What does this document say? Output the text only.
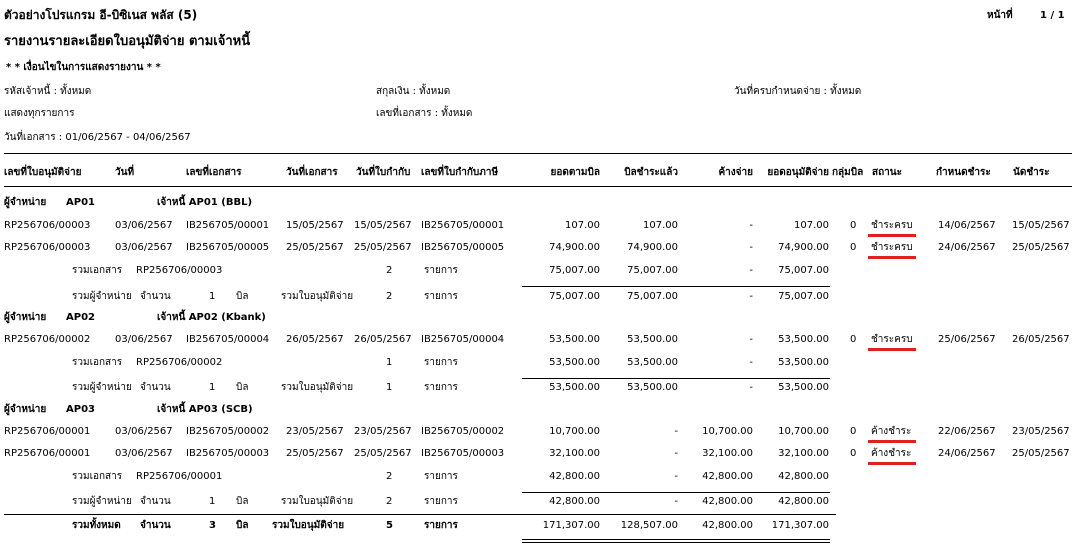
ตัวอย่างโปรแกรม อี-บิซิเนส พลัส (5)	หน้าที่	1 / 1
รายงานรายละเอียดใบอนุมัติจ่าย ตามเจ้าหนี้
* * เงื่อนไขในการแสดงรายงาน * *
รหัสเจ้าหนี้ : ทั้งหมด	สกุลเงิน : ทั้งหมด	วันที่ครบกำหนดจ่าย : ทั้งหมด
แสดงทุกรายการ	เลขที่เอกสาร : ทั้งหมด
วันที่เอกสาร : 01/06/2567 - 04/06/2567
เลขที่ใบอนุมัติจ่าย	วันที่	เลขที่เอกสาร	วันที่เอกสาร วันที่ใบกำกับ เลขที่ใบกำกับภาษี	ยอดตามบิล	บิลชำระแล้ว	ค้างจ่าย	ยอดอนุมัติจ่าย กลุ่มบิล สถานะ	กำหนดชำระ นัดชำระ
ผู้จำหน่าย AP01	เจ้าหนี้ AP01 (BBL)
RP256706/00003 03/06/2567 IB256705/00001 15/05/2567 15/05/2567 IB256705/00001	107.00	107.00	-	107.00 0 ชำระครบ	14/06/2567 15/05/2567
RP256706/00003 03/06/2567 IB256705/00005 25/05/2567 25/05/2567 IB256705/00005	74,900.00	74,900.00	-	74,900.00 0 ชำระครบ	24/06/2567 25/05/2567
รวมเอกสาร RP256706/00003	2	รายการ	75,007.00	75,007.00	-	75,007.00
รวมผู้จำหน่าย จำนวน	1 บิล	รวมใบอนุมัติจ่าย	2	รายการ	75,007.00	75,007.00	-	75,007.00
ผู้จำหน่าย AP02	เจ้าหนี้ AP02 (Kbank)
RP256706/00002 03/06/2567 IB256705/00004 26/05/2567 26/05/2567 IB256705/00004	53,500.00	53,500.00	-	53,500.00 0 ชำระครบ	25/06/2567 26/05/2567
รวมเอกสาร RP256706/00002	1	รายการ	53,500.00	53,500.00	-	53,500.00
รวมผู้จำหน่าย จำนวน	1 บิล	รวมใบอนุมัติจ่าย	1	รายการ	53,500.00	53,500.00	-	53,500.00
ผู้จำหน่าย AP03	เจ้าหนี้ AP03 (SCB)
RP256706/00001 03/06/2567 IB256705/00002 23/05/2567 23/05/2567 IB256705/00002	10,700.00	-	10,700.00	10,700.00 0 ค้างชำระ	22/06/2567 23/05/2567
RP256706/00001 03/06/2567 IB256705/00003 25/05/2567 25/05/2567 IB256705/00003	32,100.00	-	32,100.00	32,100.00 0 ค้างชำระ	24/06/2567 25/05/2567
รวมเอกสาร RP256706/00001	2	รายการ	42,800.00	-	42,800.00	42,800.00
รวมผู้จำหน่าย จำนวน	1 บิล	รวมใบอนุมัติจ่าย	2	รายการ	42,800.00	-	42,800.00	42,800.00
รวมทั้งหมด จำนวน	3 บิล รวมใบอนุมัติจ่าย	5	รายการ	171,307.00	128,507.00	42,800.00	171,307.00
